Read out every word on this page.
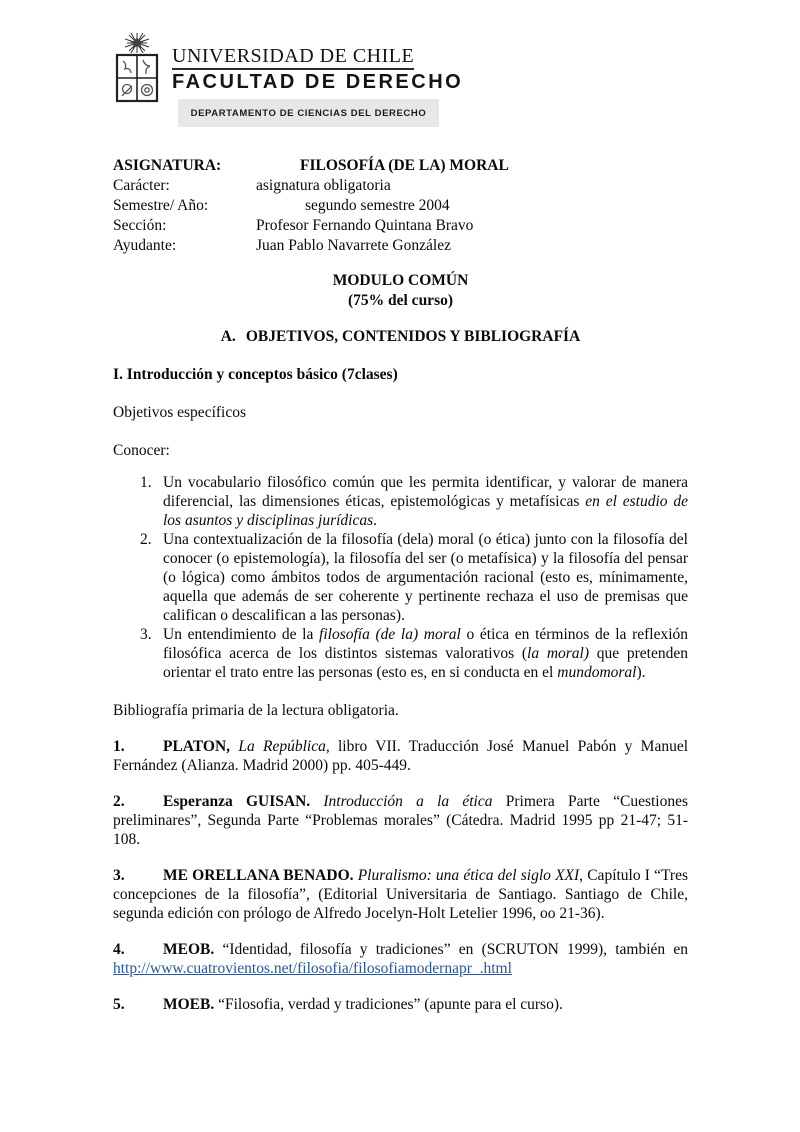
UNIVERSIDAD DE CHILE
FACULTAD DE DERECHO
DEPARTAMENTO DE CIENCIAS DEL DERECHO
ASIGNATURA:	FILOSOFÍA (DE LA) MORAL
Carácter:	asignatura obligatoria
Semestre/ Año:	segundo semestre 2004
Sección:	Profesor Fernando Quintana Bravo
Ayudante:	Juan Pablo Navarrete González
MODULO COMÚN
(75% del curso)
A. OBJETIVOS, CONTENIDOS Y BIBLIOGRAFÍA
I. Introducción y conceptos básico (7clases)
Objetivos específicos
Conocer:
1. Un vocabulario filosófico común que les permita identificar, y valorar de manera diferencial, las dimensiones éticas, epistemológicas y metafísicas en el estudio de los asuntos y disciplinas jurídicas.
2. Una contextualización de la filosofía (dela) moral (o ética) junto con la filosofía del conocer (o epistemología), la filosofía del ser (o metafísica) y la filosofía del pensar (o lógica) como ámbitos todos de argumentación racional (esto es, mínimamente, aquella que además de ser coherente y pertinente rechaza el uso de premisas que califican o descalifican a las personas).
3. Un entendimiento de la filosofía (de la) moral o ética en términos de la reflexión filosófica acerca de los distintos sistemas valorativos (la moral) que pretenden orientar el trato entre las personas (esto es, en si conducta en el mundomoral).
Bibliografía primaria de la lectura obligatoria.

1. PLATON, La República, libro VII. Traducción José Manuel Pabón y Manuel Fernández (Alianza. Madrid 2000) pp. 405-449.

2. Esperanza GUISAN. Introducción a la ética Primera Parte “Cuestiones preliminares”, Segunda Parte “Problemas morales” (Cátedra. Madrid 1995 pp 21-47; 51-108.

3. ME ORELLANA BENADO. Pluralismo: una ética del siglo XXI, Capítulo I “Tres concepciones de la filosofía”, (Editorial Universitaria de Santiago. Santiago de Chile, segunda edición con prólogo de Alfredo Jocelyn-Holt Letelier 1996, oo 21-36).

4. MEOB. “Identidad, filosofía y tradiciones” en (SCRUTON 1999), también en http://www.cuatrovientos.net/filosofia/filosofiamodernapr_.html

5. MOEB. “Filosofia, verdad y tradiciones” (apunte para el curso).
